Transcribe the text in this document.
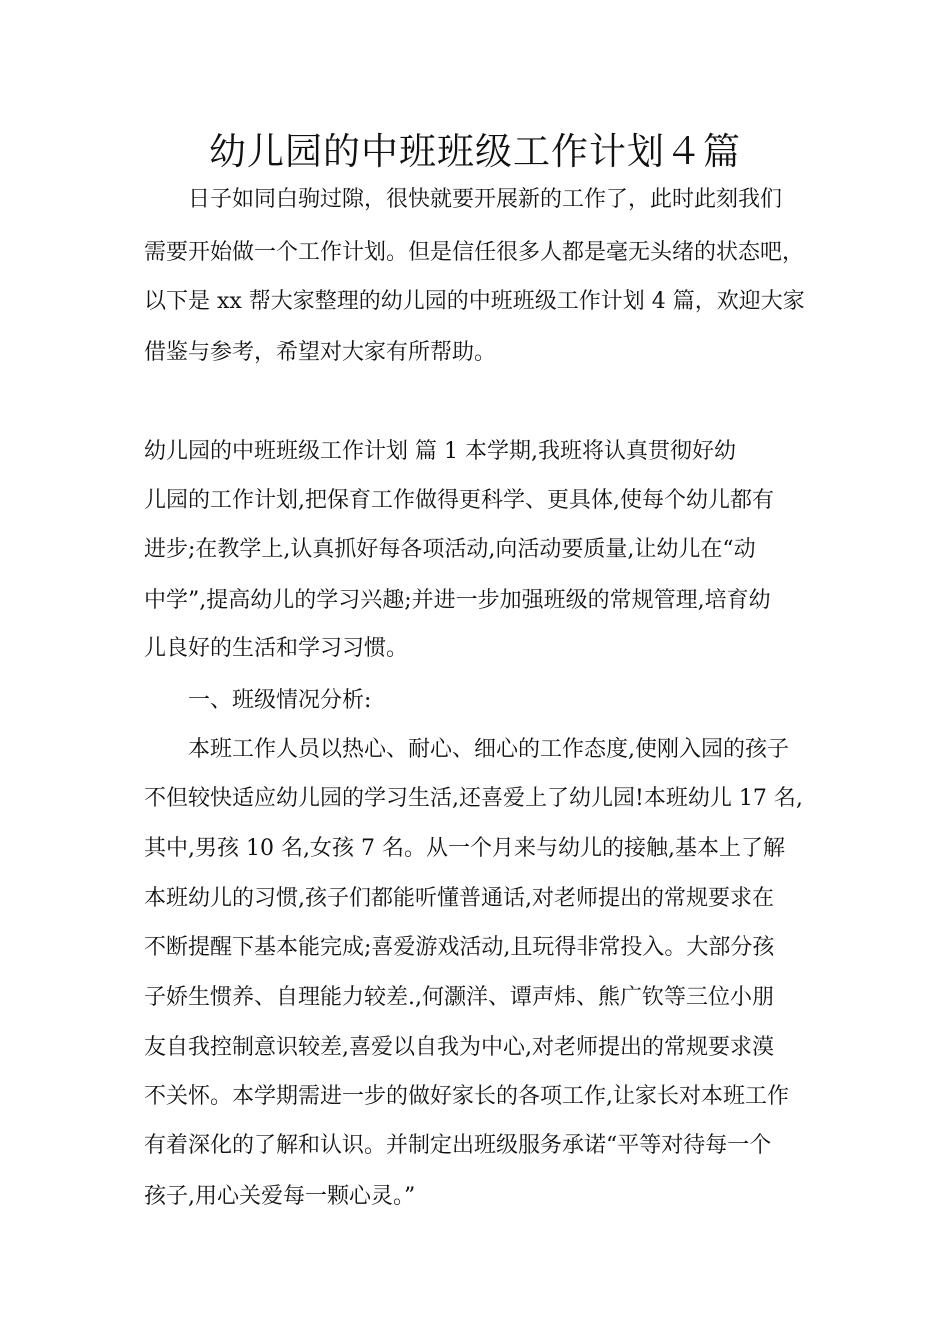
幼儿园的中班班级工作计划４篇

日子如同白驹过隙，很快就要开展新的工作了，此时此刻我们

需要开始做一个工作计划。但是信任很多人都是毫无头绪的状态吧，

以下是 xx 帮大家整理的幼儿园的中班班级工作计划 4 篇，欢迎大家

借鉴与参考，希望对大家有所帮助。

幼儿园的中班班级工作计划 篇 1 本学期,我班将认真贯彻好幼

儿园的工作计划,把保育工作做得更科学、更具体,使每个幼儿都有

进步;在教学上,认真抓好每各项活动,向活动要质量,让幼儿在“动

中学”,提高幼儿的学习兴趣;并进一步加强班级的常规管理,培育幼

儿良好的生活和学习习惯。

一、班级情况分析:

本班工作人员以热心、耐心、细心的工作态度,使刚入园的孩子

不但较快适应幼儿园的学习生活,还喜爱上了幼儿园!本班幼儿 17 名,

其中,男孩 10 名,女孩 7 名。从一个月来与幼儿的接触,基本上了解

本班幼儿的习惯,孩子们都能听懂普通话,对老师提出的常规要求在

不断提醒下基本能完成;喜爱游戏活动,且玩得非常投入。大部分孩

子娇生惯养、自理能力较差.,何灏洋、谭声炜、熊广钦等三位小朋

友自我控制意识较差,喜爱以自我为中心,对老师提出的常规要求漠

不关怀。本学期需进一步的做好家长的各项工作,让家长对本班工作

有着深化的了解和认识。并制定出班级服务承诺“平等对待每一个

孩子,用心关爱每一颗心灵。”
